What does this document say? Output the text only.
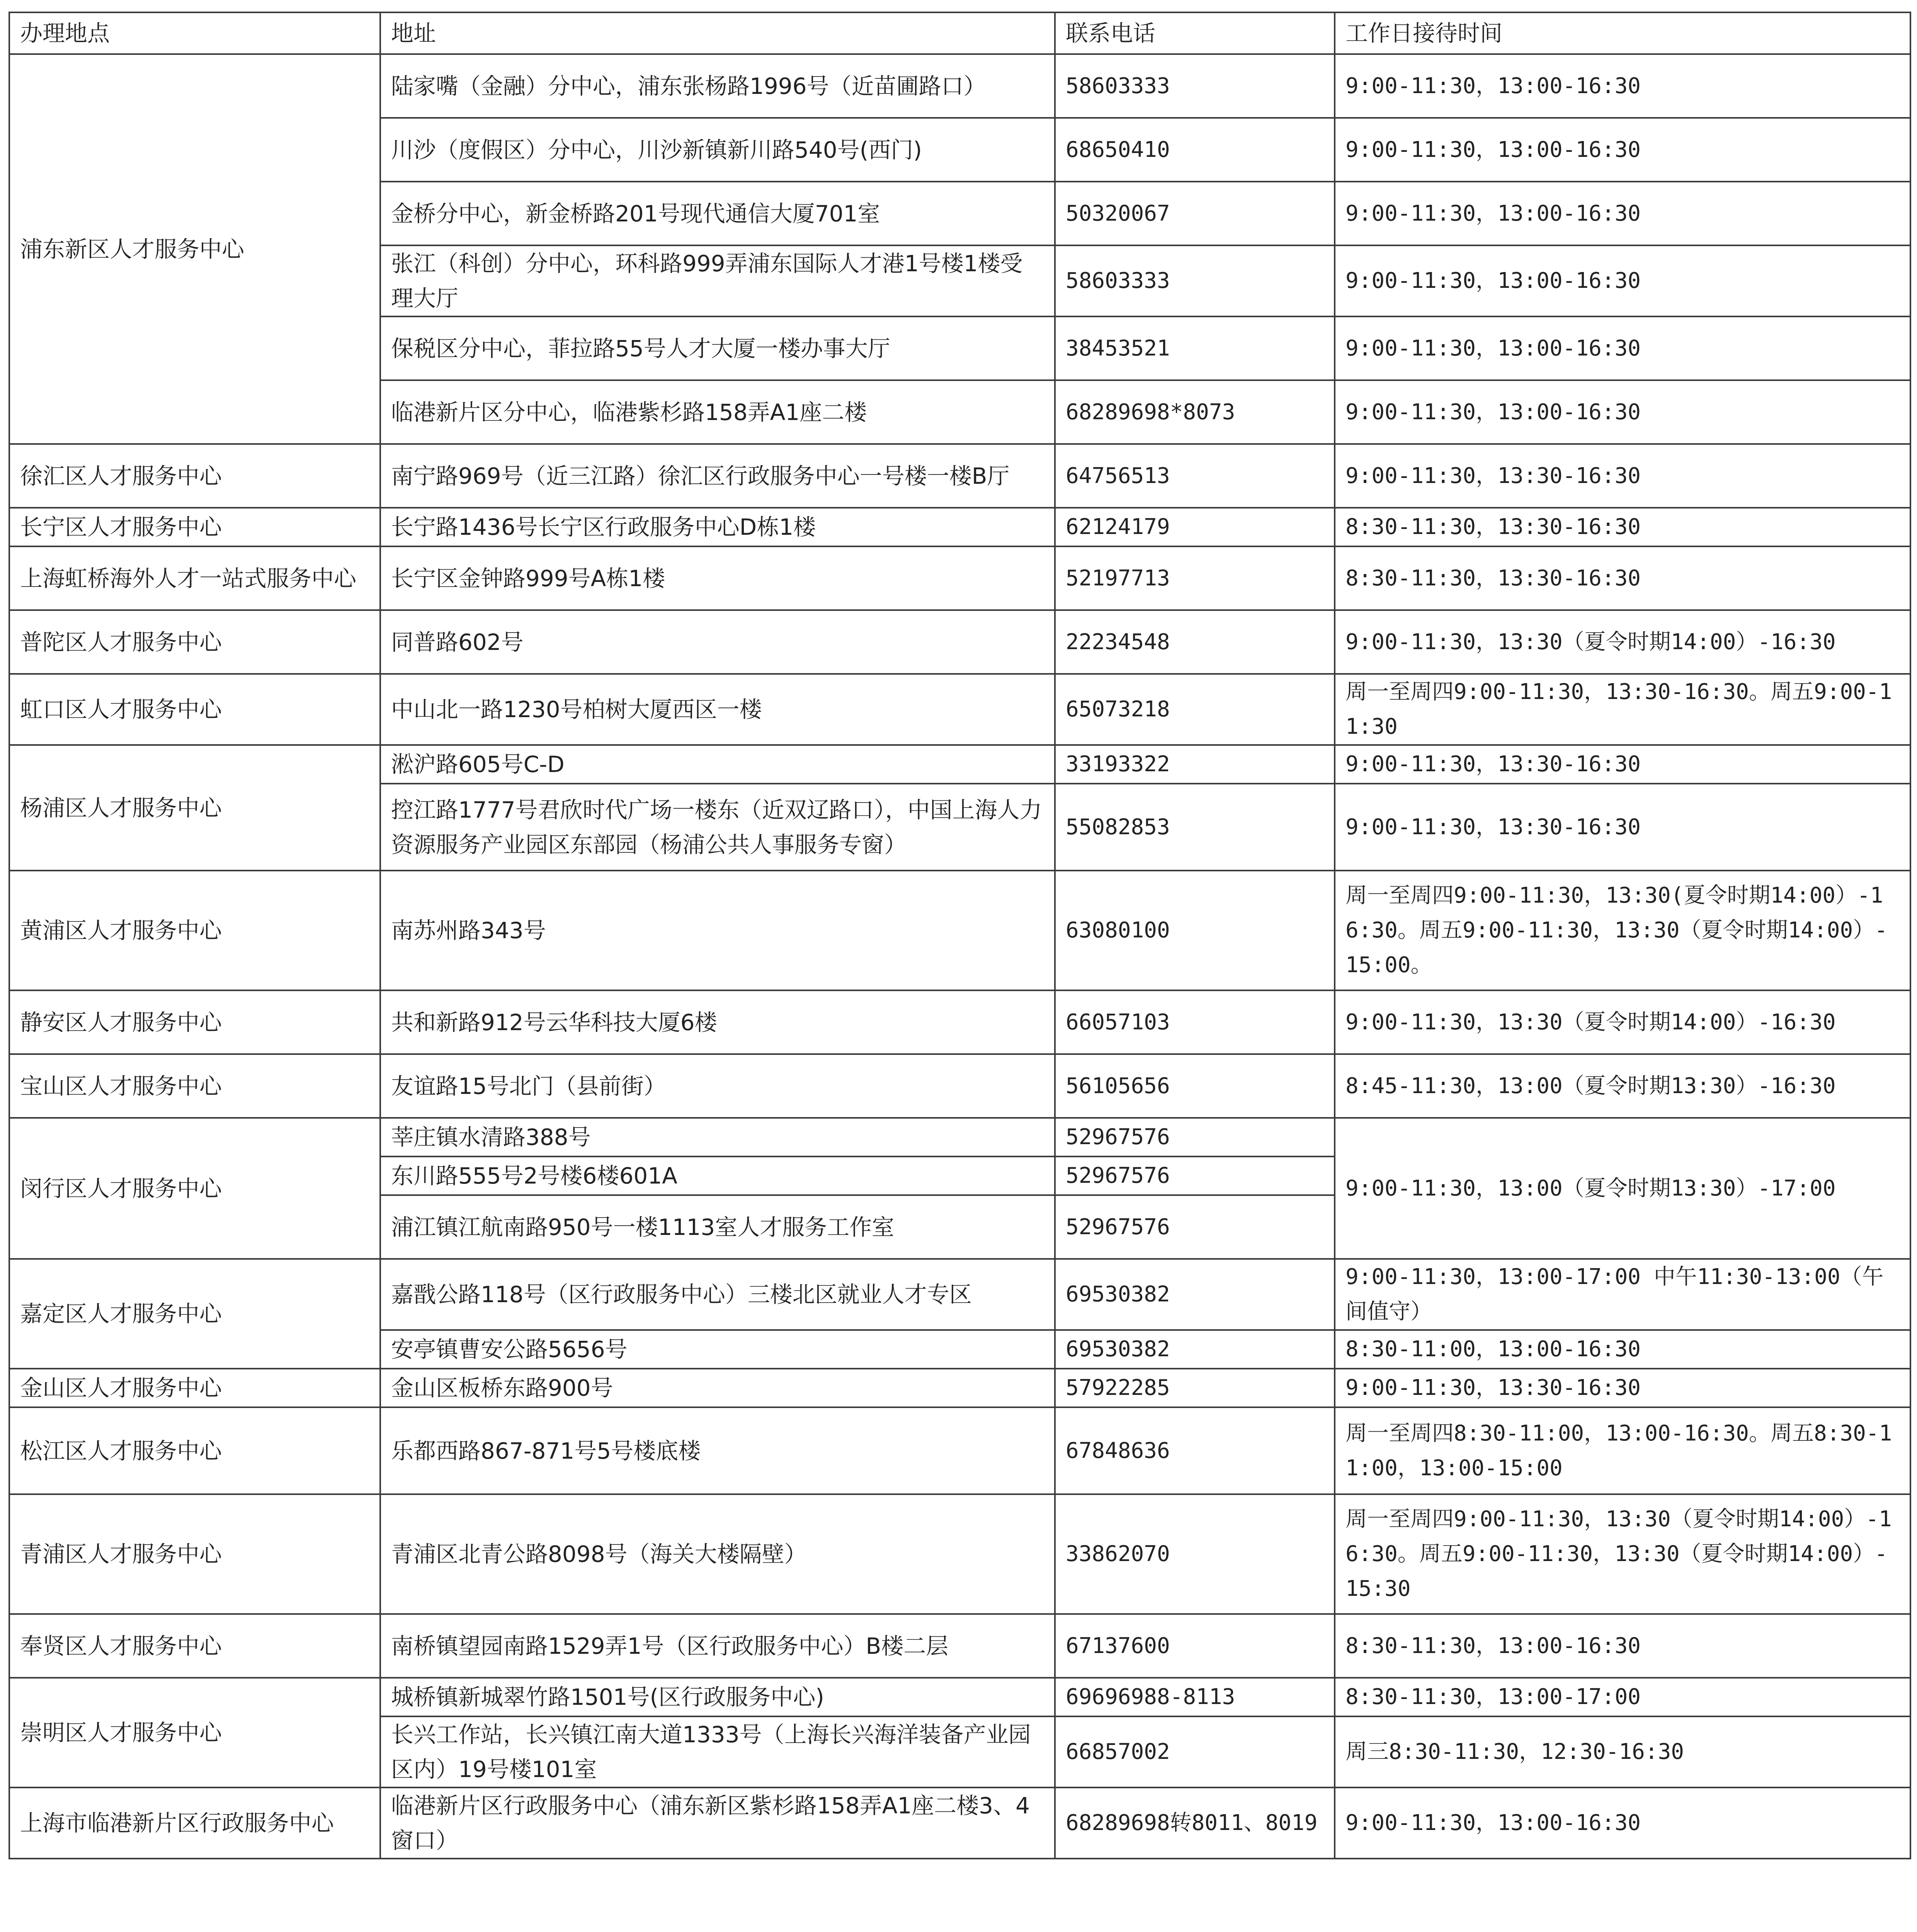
办理地点	地址	联系电话	工作日接待时间
浦东新区人才服务中心	陆家嘴（金融）分中心，浦东张杨路1996号（近苗圃路口）	58603333	9:00-11:30，13:00-16:30
	川沙（度假区）分中心，川沙新镇新川路540号(西门)	68650410	9:00-11:30，13:00-16:30
	金桥分中心，新金桥路201号现代通信大厦701室	50320067	9:00-11:30，13:00-16:30
	张江（科创）分中心，环科路999弄浦东国际人才港1号楼1楼受理大厅	58603333	9:00-11:30，13:00-16:30
	保税区分中心，菲拉路55号人才大厦一楼办事大厅	38453521	9:00-11:30，13:00-16:30
	临港新片区分中心，临港紫杉路158弄A1座二楼	68289698*8073	9:00-11:30，13:00-16:30
徐汇区人才服务中心	南宁路969号（近三江路）徐汇区行政服务中心一号楼一楼B厅	64756513	9:00-11:30，13:30-16:30
长宁区人才服务中心	长宁路1436号长宁区行政服务中心D栋1楼	62124179	8:30-11:30，13:30-16:30
上海虹桥海外人才一站式服务中心	长宁区金钟路999号A栋1楼	52197713	8:30-11:30，13:30-16:30
普陀区人才服务中心	同普路602号	22234548	9:00-11:30，13:30（夏令时期14:00）-16:30
虹口区人才服务中心	中山北一路1230号柏树大厦西区一楼	65073218	周一至周四9:00-11:30，13:30-16:30。周五9:00-11:30
杨浦区人才服务中心	淞沪路605号C-D	33193322	9:00-11:30，13:30-16:30
	控江路1777号君欣时代广场一楼东（近双辽路口），中国上海人力资源服务产业园区东部园（杨浦公共人事服务专窗）	55082853	9:00-11:30，13:30-16:30
黄浦区人才服务中心	南苏州路343号	63080100	周一至周四9:00-11:30，13:30(夏令时期14:00）-16:30。周五9:00-11:30，13:30（夏令时期14:00）-15:00。
静安区人才服务中心	共和新路912号云华科技大厦6楼	66057103	9:00-11:30，13:30（夏令时期14:00）-16:30
宝山区人才服务中心	友谊路15号北门（县前街）	56105656	8:45-11:30，13:00（夏令时期13:30）-16:30
闵行区人才服务中心	莘庄镇水清路388号	52967576	9:00-11:30，13:00（夏令时期13:30）-17:00
	东川路555号2号楼6楼601A	52967576	
	浦江镇江航南路950号一楼1113室人才服务工作室	52967576	
嘉定区人才服务中心	嘉戬公路118号（区行政服务中心）三楼北区就业人才专区	69530382	9:00-11:30，13:00-17:00 中午11:30-13:00（午间值守）
	安亭镇曹安公路5656号	69530382	8:30-11:00，13:00-16:30
金山区人才服务中心	金山区板桥东路900号	57922285	9:00-11:30，13:30-16:30
松江区人才服务中心	乐都西路867-871号5号楼底楼	67848636	周一至周四8:30-11:00，13:00-16:30。周五8:30-11:00，13:00-15:00
青浦区人才服务中心	青浦区北青公路8098号（海关大楼隔壁）	33862070	周一至周四9:00-11:30，13:30（夏令时期14:00）-16:30。周五9:00-11:30，13:30（夏令时期14:00）-15:30
奉贤区人才服务中心	南桥镇望园南路1529弄1号（区行政服务中心）B楼二层	67137600	8:30-11:30，13:00-16:30
崇明区人才服务中心	城桥镇新城翠竹路1501号(区行政服务中心)	69696988-8113	8:30-11:30，13:00-17:00
	长兴工作站，长兴镇江南大道1333号（上海长兴海洋装备产业园区内）19号楼101室	66857002	周三8:30-11:30，12:30-16:30
上海市临港新片区行政服务中心	临港新片区行政服务中心（浦东新区紫杉路158弄A1座二楼3、4窗口）	68289698转8011、8019	9:00-11:30，13:00-16:30
